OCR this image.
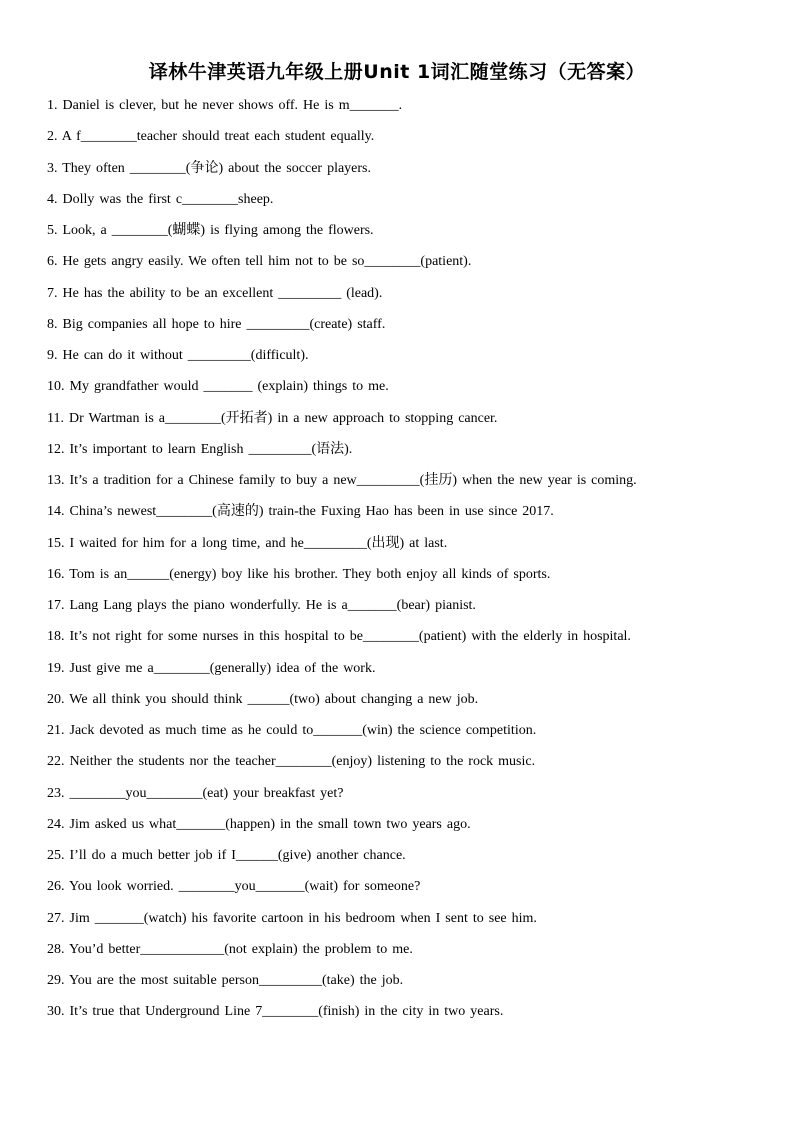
译林牛津英语九年级上册Unit 1词汇随堂练习（无答案）
1. Daniel is clever, but he never shows off. He is m_______.
2. A f________teacher should treat each student equally.
3. They often ________(争论) about the soccer players.
4. Dolly was the first c________sheep.
5. Look, a ________(蝴蝶) is flying among the flowers.
6. He gets angry easily. We often tell him not to be so________(patient).
7. He has the ability to be an excellent _________ (lead).
8. Big companies all hope to hire _________(create) staff.
9. He can do it without _________(difficult).
10. My grandfather would _______ (explain) things to me.
11. Dr Wartman is a________(开拓者) in a new approach to stopping cancer.
12. It’s important to learn English _________(语法).
13. It’s a tradition for a Chinese family to buy a new_________(挂历) when the new year is coming.
14. China’s newest________(高速的) train-the Fuxing Hao has been in use since 2017.
15. I waited for him for a long time, and he_________(出现) at last.
16. Tom is an______(energy) boy like his brother. They both enjoy all kinds of sports.
17. Lang Lang plays the piano wonderfully. He is a_______(bear) pianist.
18. It’s not right for some nurses in this hospital to be________(patient) with the elderly in hospital.
19. Just give me a________(generally) idea of the work.
20. We all think you should think ______(two) about changing a new job.
21. Jack devoted as much time as he could to_______(win) the science competition.
22. Neither the students nor the teacher________(enjoy) listening to the rock music.
23. ________you________(eat) your breakfast yet?
24. Jim asked us what_______(happen) in the small town two years ago.
25. I’ll do a much better job if I______(give) another chance.
26. You look worried. ________you_______(wait) for someone?
27. Jim _______(watch) his favorite cartoon in his bedroom when I sent to see him.
28. You’d better____________(not explain) the problem to me.
29. You are the most suitable person_________(take) the job.
30. It’s true that Underground Line 7________(finish) in the city in two years.
